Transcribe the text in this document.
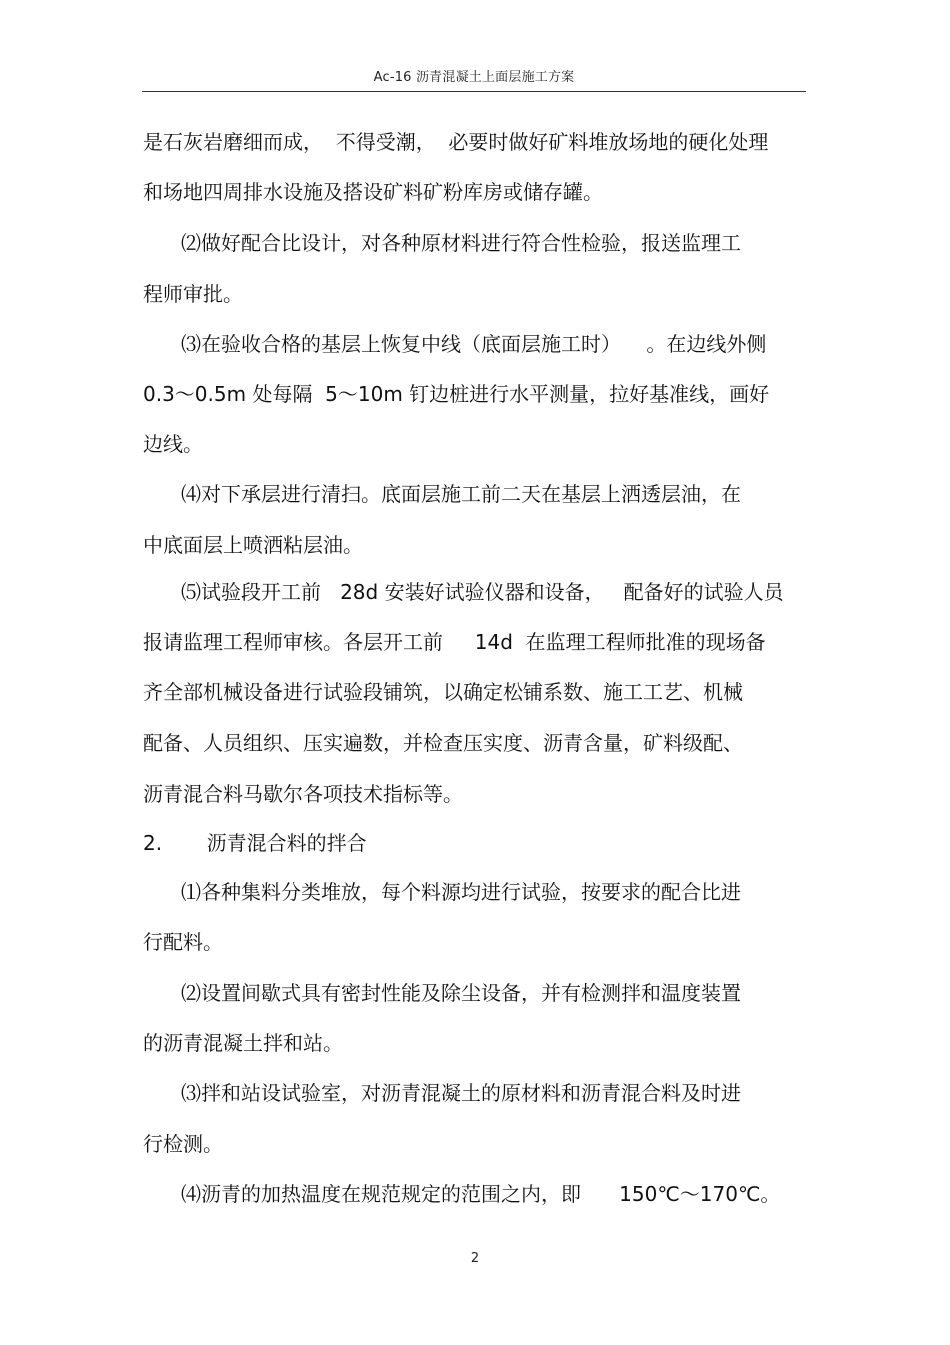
Ac-16 沥青混凝土上面层施工方案
是石灰岩磨细而成，  不得受潮，  必要时做好矿料堆放场地的硬化处理
和场地四周排水设施及搭设矿料矿粉库房或储存罐。
⑵做好配合比设计，对各种原材料进行符合性检验，报送监理工
程师审批。
⑶在验收合格的基层上恢复中线（底面层施工时）    。在边线外侧
0.3～0.5m 处每隔  5～10m 钉边桩进行水平测量，拉好基准线，画好
边线。
⑷对下承层进行清扫。底面层施工前二天在基层上洒透层油，在
中底面层上喷洒粘层油。
⑸试验段开工前   28d 安装好试验仪器和设备，   配备好的试验人员
报请监理工程师审核。各层开工前     14d  在监理工程师批准的现场备
齐全部机械设备进行试验段铺筑，以确定松铺系数、施工工艺、机械
配备、人员组织、压实遍数，并检查压实度、沥青含量，矿料级配、
沥青混合料马歇尔各项技术指标等。
2.       沥青混合料的拌合
⑴各种集料分类堆放，每个料源均进行试验，按要求的配合比进
行配料。
⑵设置间歇式具有密封性能及除尘设备，并有检测拌和温度装置
的沥青混凝土拌和站。
⑶拌和站设试验室，对沥青混凝土的原材料和沥青混合料及时进
行检测。
⑷沥青的加热温度在规范规定的范围之内，即      150℃～170℃。
2
